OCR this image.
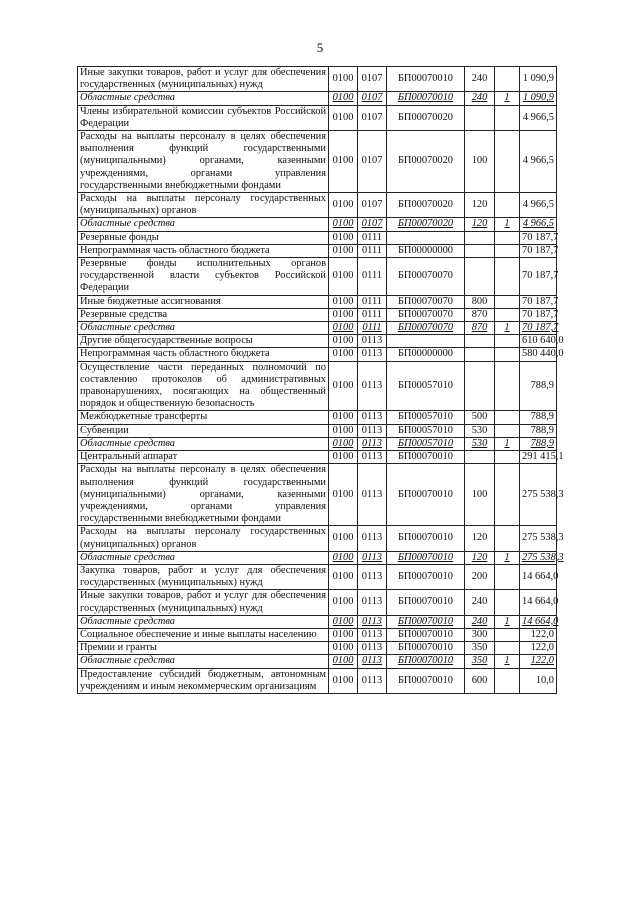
5
Иные закупки товаров, работ и услуг для обеспечения государственных (муниципальных) нужд	0100	0107	БП00070010	240		1 090,9
Областные средства	0100	0107	БП00070010	240	1	1 090,9
Члены избирательной комиссии субъектов Российской Федерации	0100	0107	БП00070020			4 966,5
Расходы на выплаты персоналу в целях обеспечения выполнения функций государственными (муниципальными) органами, казенными учреждениями, органами управления государственными внебюджетными фондами	0100	0107	БП00070020	100		4 966,5
Расходы на выплаты персоналу государственных (муниципальных) органов	0100	0107	БП00070020	120		4 966,5
Областные средства	0100	0107	БП00070020	120	1	4 966,5
Резервные фонды	0100	0111				70 187,7
Непрограммная часть областного бюджета	0100	0111	БП00000000			70 187,7
Резервные фонды исполнительных органов государственной власти субъектов Российской Федерации	0100	0111	БП00070070			70 187,7
Иные бюджетные ассигнования	0100	0111	БП00070070	800		70 187,7
Резервные средства	0100	0111	БП00070070	870		70 187,7
Областные средства	0100	0111	БП00070070	870	1	70 187,7
Другие общегосударственные вопросы	0100	0113				610 640,0
Непрограммная часть областного бюджета	0100	0113	БП00000000			580 440,0
Осуществление части переданных полномочий по составлению протоколов об административных правонарушениях, посягающих на общественный порядок и общественную безопасность	0100	0113	БП00057010			788,9
Межбюджетные трансферты	0100	0113	БП00057010	500		788,9
Субвенции	0100	0113	БП00057010	530		788,9
Областные средства	0100	0113	БП00057010	530	1	788,9
Центральный аппарат	0100	0113	БП00070010			291 415,1
Расходы на выплаты персоналу в целях обеспечения выполнения функций государственными (муниципальными) органами, казенными учреждениями, органами управления государственными внебюджетными фондами	0100	0113	БП00070010	100		275 538,3
Расходы на выплаты персоналу государственных (муниципальных) органов	0100	0113	БП00070010	120		275 538,3
Областные средства	0100	0113	БП00070010	120	1	275 538,3
Закупка товаров, работ и услуг для обеспечения государственных (муниципальных) нужд	0100	0113	БП00070010	200		14 664,0
Иные закупки товаров, работ и услуг для обеспечения государственных (муниципальных) нужд	0100	0113	БП00070010	240		14 664,0
Областные средства	0100	0113	БП00070010	240	1	14 664,0
Социальное обеспечение и иные выплаты населению	0100	0113	БП00070010	300		122,0
Премии и гранты	0100	0113	БП00070010	350		122,0
Областные средства	0100	0113	БП00070010	350	1	122,0
Предоставление субсидий бюджетным, автономным учреждениям и иным некоммерческим организациям	0100	0113	БП00070010	600		10,0
